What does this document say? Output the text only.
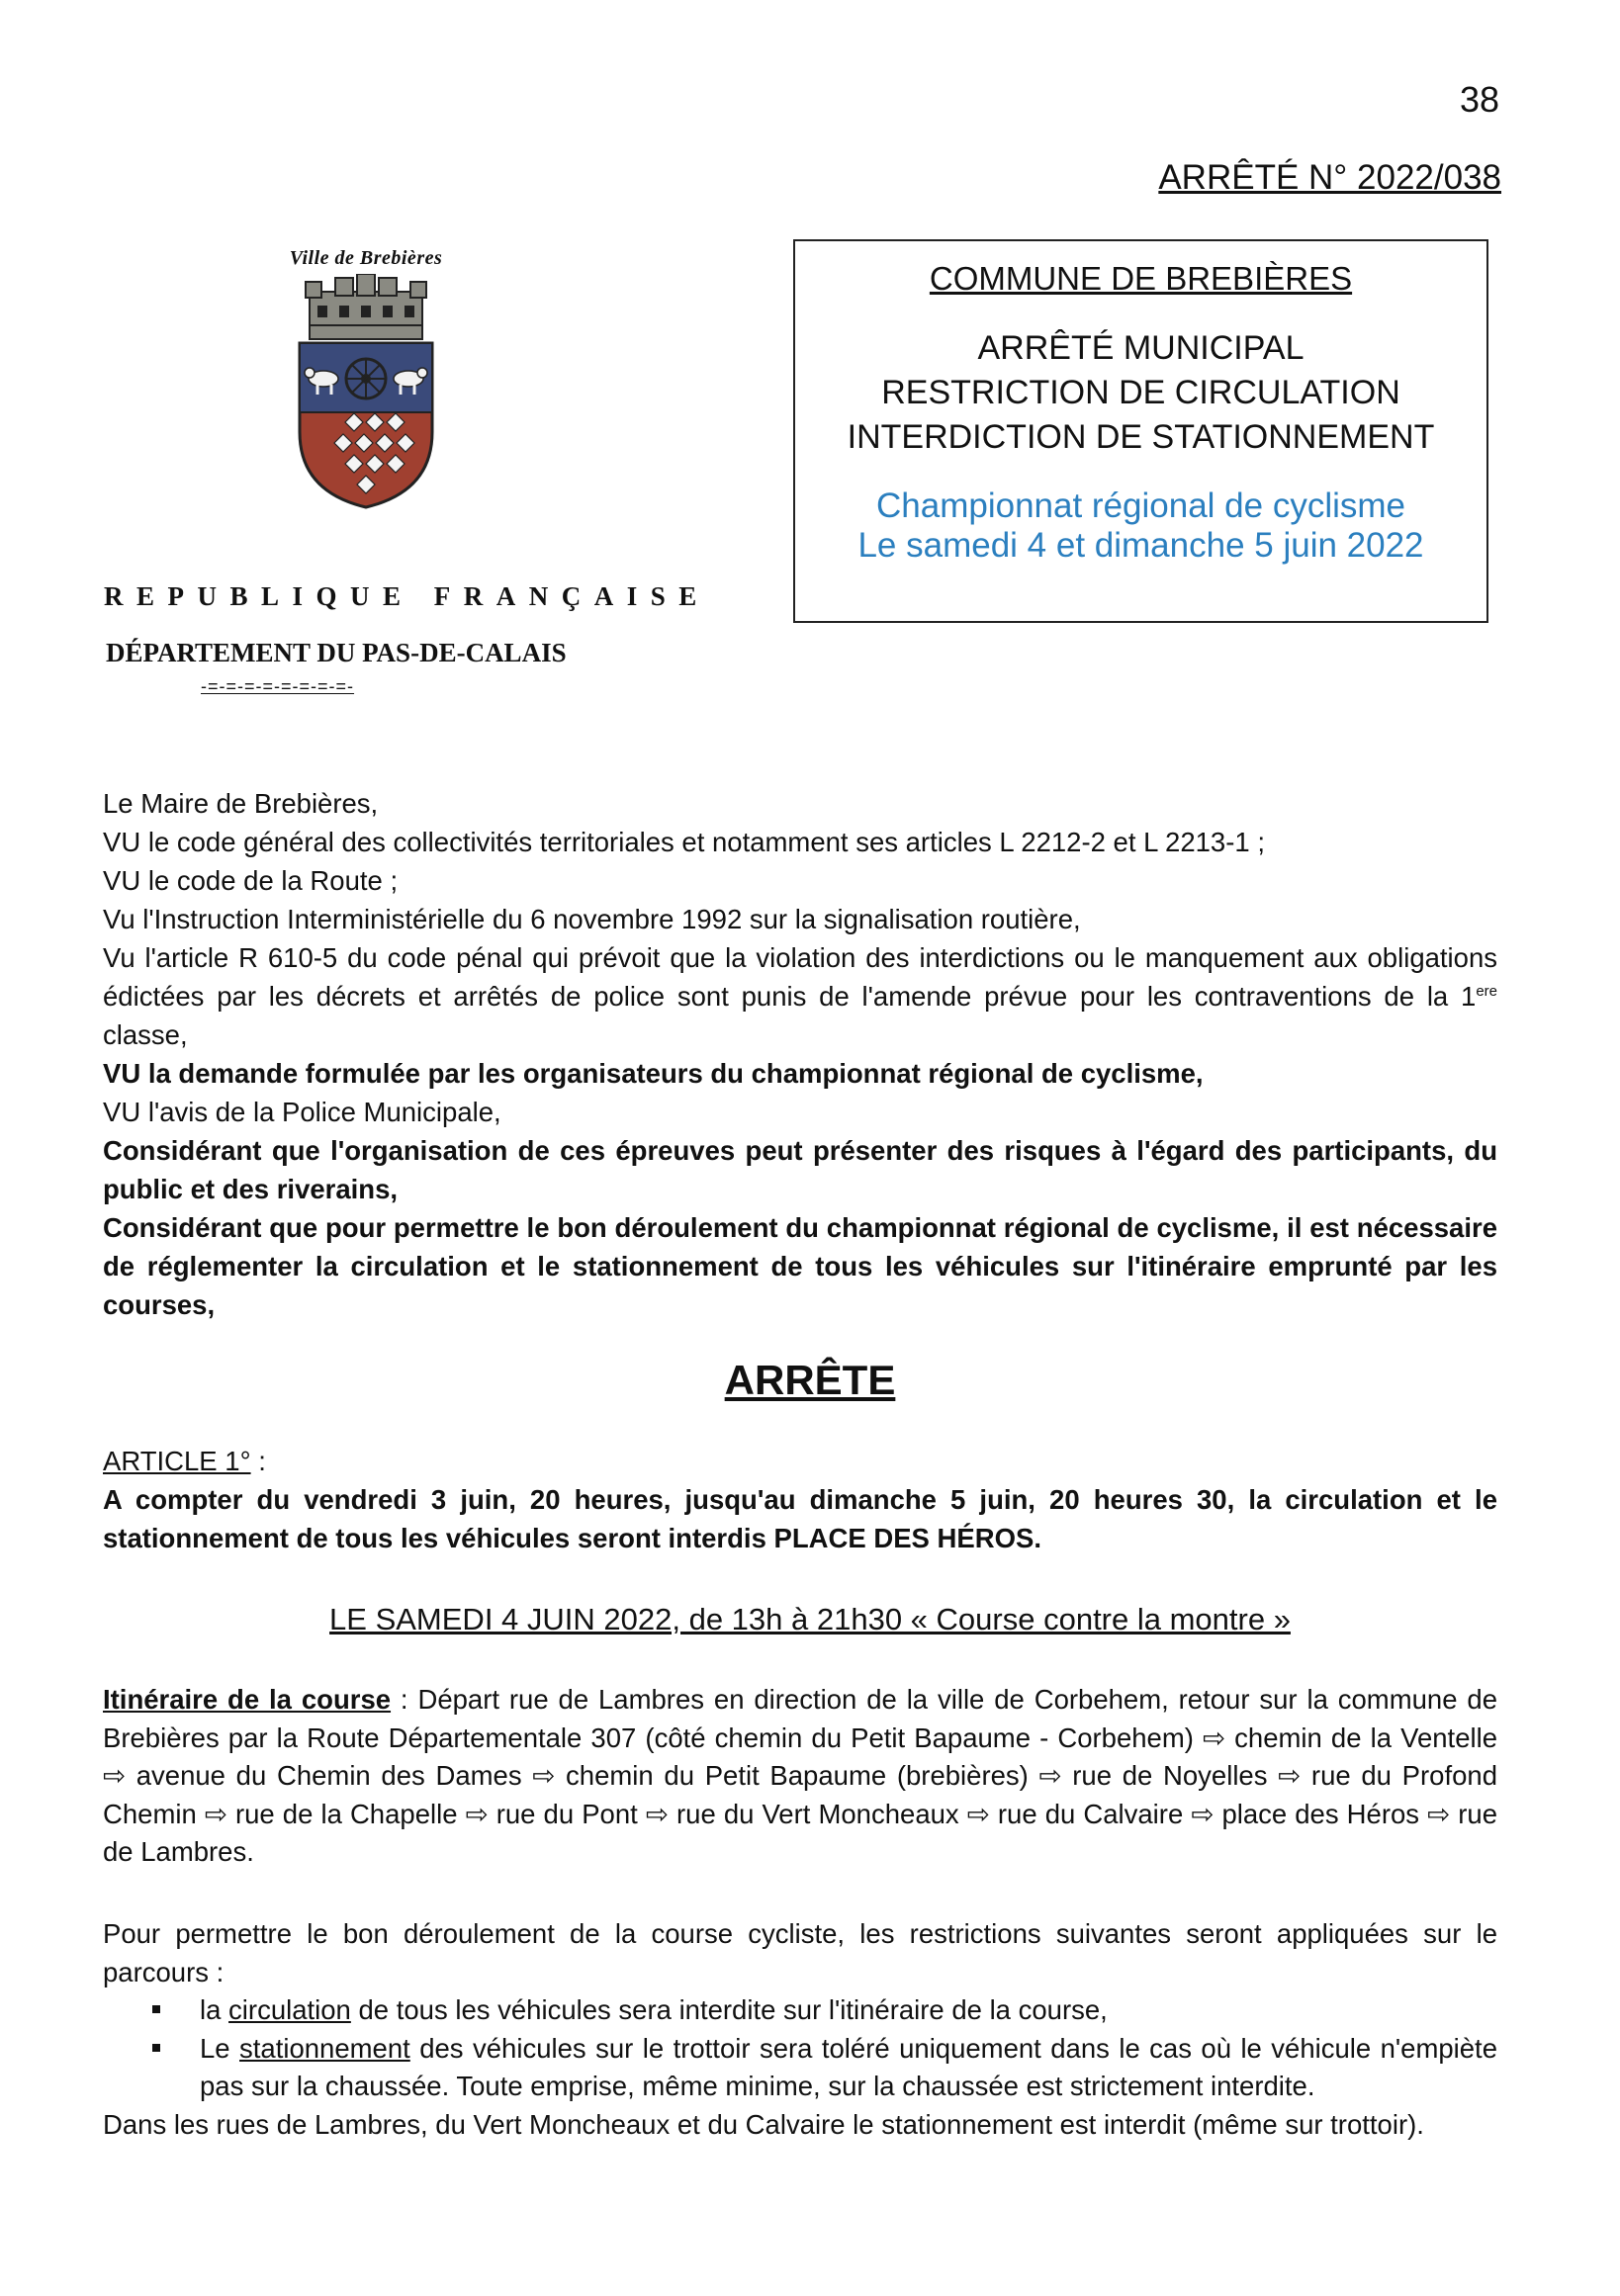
38
ARRÊTÉ N° 2022/038
Ville de Brebières
REPUBLIQUE FRANÇAISE
DÉPARTEMENT DU PAS-DE-CALAIS
-=-=-=-=-=-=-=-=-
COMMUNE DE BREBIÈRES
ARRÊTÉ MUNICIPAL
RESTRICTION DE CIRCULATION
INTERDICTION DE STATIONNEMENT
Championnat régional de cyclisme
Le samedi 4 et dimanche 5 juin 2022

Le Maire de Brebières,

VU le code général des collectivités territoriales et notamment ses articles L 2212-2 et L 2213-1 ;

VU le code de la Route ;

Vu l'Instruction Interministérielle du 6 novembre 1992 sur la signalisation routière,

Vu l'article R 610-5 du code pénal qui prévoit que la violation des interdictions ou le manquement aux obligations édictées par les décrets et arrêtés de police sont punis de l'amende prévue pour les contraventions de la 1ere classe,

VU la demande formulée par les organisateurs du championnat régional de cyclisme,

VU l'avis de la Police Municipale,

Considérant que l'organisation de ces épreuves peut présenter des risques à l'égard des participants, du public et des riverains,

Considérant que pour permettre le bon déroulement du championnat régional de cyclisme, il est nécessaire de réglementer la circulation et le stationnement de tous les véhicules sur l'itinéraire emprunté par les courses,

ARRÊTE
ARTICLE 1° :
A compter du vendredi 3 juin, 20 heures, jusqu'au dimanche 5 juin, 20 heures 30, la circulation et le stationnement de tous les véhicules seront interdis PLACE DES HÉROS.
LE SAMEDI 4 JUIN 2022, de 13h à 21h30 « Course contre la montre »
Itinéraire de la course : Départ rue de Lambres en direction de la ville de Corbehem, retour sur la commune de Brebières par la Route Départementale 307 (côté chemin du Petit Bapaume - Corbehem) ⇨ chemin de la Ventelle ⇨ avenue du Chemin des Dames ⇨ chemin du Petit Bapaume (brebières) ⇨ rue de Noyelles ⇨ rue du Profond Chemin ⇨ rue de la Chapelle ⇨ rue du Pont ⇨ rue du Vert Moncheaux ⇨ rue du Calvaire ⇨ place des Héros ⇨ rue de Lambres.

Pour permettre le bon déroulement de la course cycliste, les restrictions suivantes seront appliquées sur le parcours :

la circulation de tous les véhicules sera interdite sur l'itinéraire de la course,
Le stationnement des véhicules sur le trottoir sera toléré uniquement dans le cas où le véhicule n'empiète pas sur la chaussée. Toute emprise, même minime, sur la chaussée est strictement interdite.

Dans les rues de Lambres, du Vert Moncheaux et du Calvaire le stationnement est interdit (même sur trottoir).
